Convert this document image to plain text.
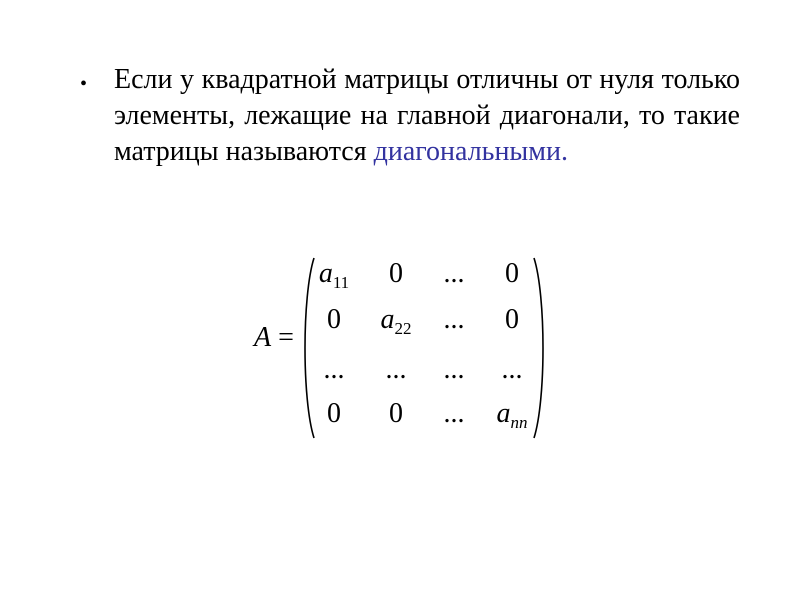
• Если у квадратной матрицы отличны от нуля только элементы, лежащие на главной диагонали, то такие матрицы называются диагональными.
A =
$a_{11}$	0	...	0
0	$a_{22}$	...	0
...	...	...	...
0	0	...	$a_{nn}$
